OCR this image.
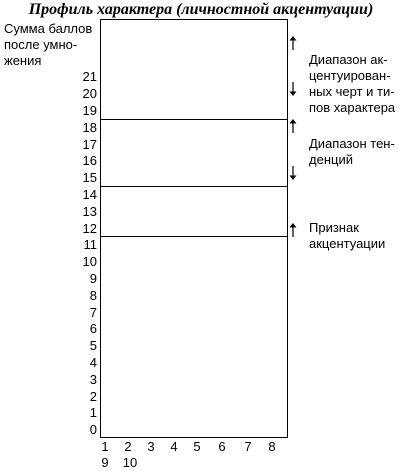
Профиль характера (личностной акцентуации)
Сумма баллов
после умно-
жения
21
20
19
18
17
16
15
14
13
12
11
10
9
8
7
6
5
4
3
2
1
0
1	2	3	4	5	6	7	8
9	10
Диапазон ак-
центуирован-
ных черт и ти-
пов характера
Диапазон тен-
денций
Признак
акцентуации
